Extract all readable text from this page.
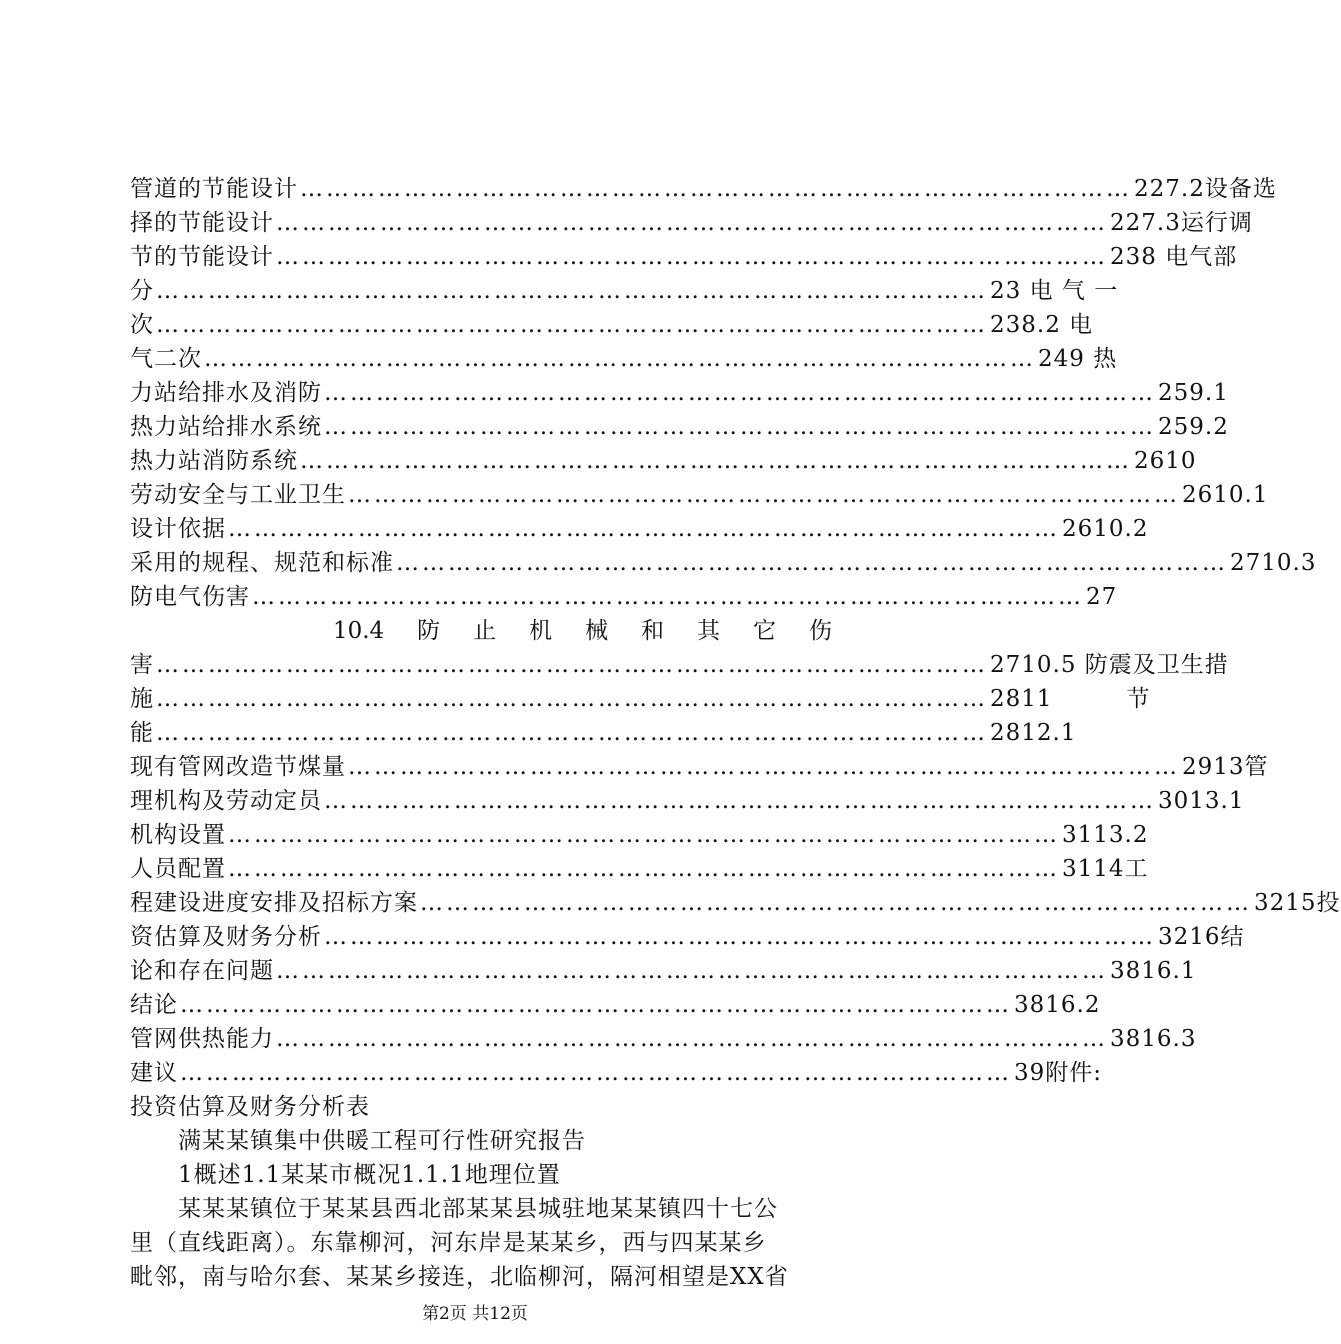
管道的节能设计 …………………………………………………………………………………… 227.2设备选
择的节能设计 …………………………………………………………………………………… 227.3运行调
节的节能设计 …………………………………………………………………………………… 238 电气部
分 …………………………………………………………………………………… 23 电 气 一
次 …………………………………………………………………………………… 238.2 电
气二次 …………………………………………………………………………………… 249 热
力站给排水及消防 …………………………………………………………………………………… 259.1
热力站给排水系统 …………………………………………………………………………………… 259.2
热力站消防系统 …………………………………………………………………………………… 2610
劳动安全与工业卫生 …………………………………………………………………………………… 2610.1
设计依据 …………………………………………………………………………………… 2610.2
采用的规程、规范和标准 …………………………………………………………………………………… 2710.3
防电气伤害 …………………………………………………………………………………… 27
10.4 防 止 机 械 和 其 它 伤
害 …………………………………………………………………………………… 2710.5 防震及卫生措
施 …………………………………………………………………………………… 2811	节
能 …………………………………………………………………………………… 2812.1
现有管网改造节煤量 …………………………………………………………………………………… 2913管
理机构及劳动定员 …………………………………………………………………………………… 3013.1
机构设置 …………………………………………………………………………………… 3113.2
人员配置 …………………………………………………………………………………… 3114工
程建设进度安排及招标方案 …………………………………………………………………………………… 3215投
资估算及财务分析 …………………………………………………………………………………… 3216结
论和存在问题 …………………………………………………………………………………… 3816.1
结论 …………………………………………………………………………………… 3816.2
管网供热能力 …………………………………………………………………………………… 3816.3
建议 …………………………………………………………………………………… 39附件:
投资估算及财务分析表
满某某镇集中供暖工程可行性研究报告
1概述1.1某某市概况1.1.1地理位置
某某某镇位于某某县西北部某某县城驻地某某镇四十七公
里（直线距离）。东靠柳河，河东岸是某某乡，西与四某某乡
毗邻，南与哈尔套、某某乡接连，北临柳河，隔河相望是XX省
第2页 共12页
